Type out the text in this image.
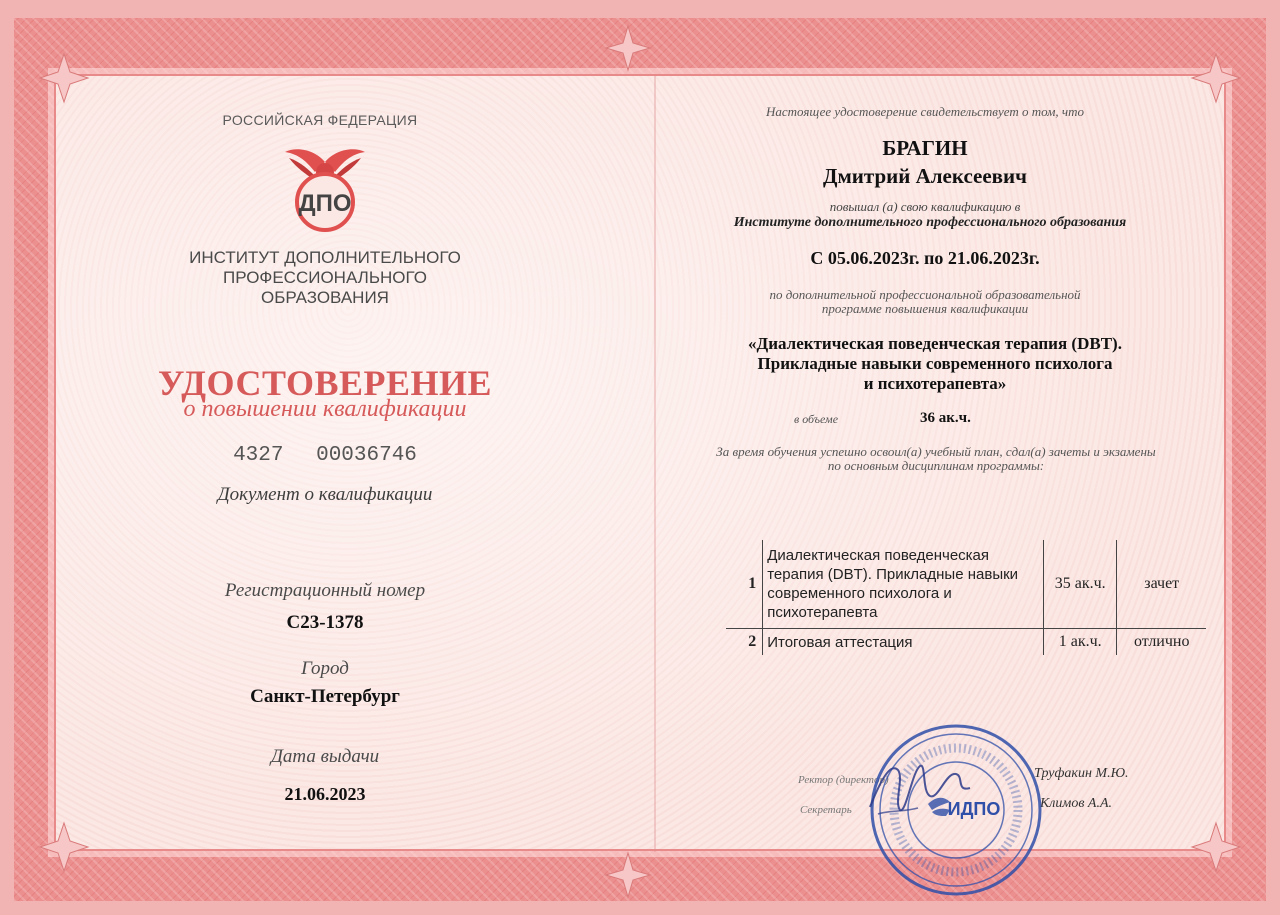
РОССИЙСКАЯ ФЕДЕРАЦИЯ
ДПО
ИНСТИТУТ ДОПОЛНИТЕЛЬНОГО
ПРОФЕССИОНАЛЬНОГО
ОБРАЗОВАНИЯ
УДОСТОВЕРЕНИЕ
о повышении квалификации
4327 00036746
Документ о квалификации
Регистрационный номер
С23-1378
Город
Санкт-Петербург
Дата выдачи
21.06.2023
Настоящее удостоверение свидетельствует о том, что
БРАГИН
Дмитрий Алексеевич
повышал (а) свою квалификацию в
Институте дополнительного профессионального образования
С 05.06.2023г. по 21.06.2023г.
по дополнительной профессиональной образовательной
программе повышения квалификации
«Диалектическая поведенческая терапия (DBT).
Прикладные навыки современного психолога
и психотерапевта»
в объеме	36 ак.ч.
За время обучения успешно освоил(а) учебный план, сдал(а) зачеты и экзамены
по основным дисциплинам программы:
1	Диалектическая поведенческая терапия (DBT). Прикладные навыки современного психолога и психотерапевта	35 ак.ч.	зачет
2	Итоговая аттестация	1 ак.ч.	отлично
Ректор (директор)	Труфакин М.Ю.
Секретарь	Климов А.А.
ИДПО
